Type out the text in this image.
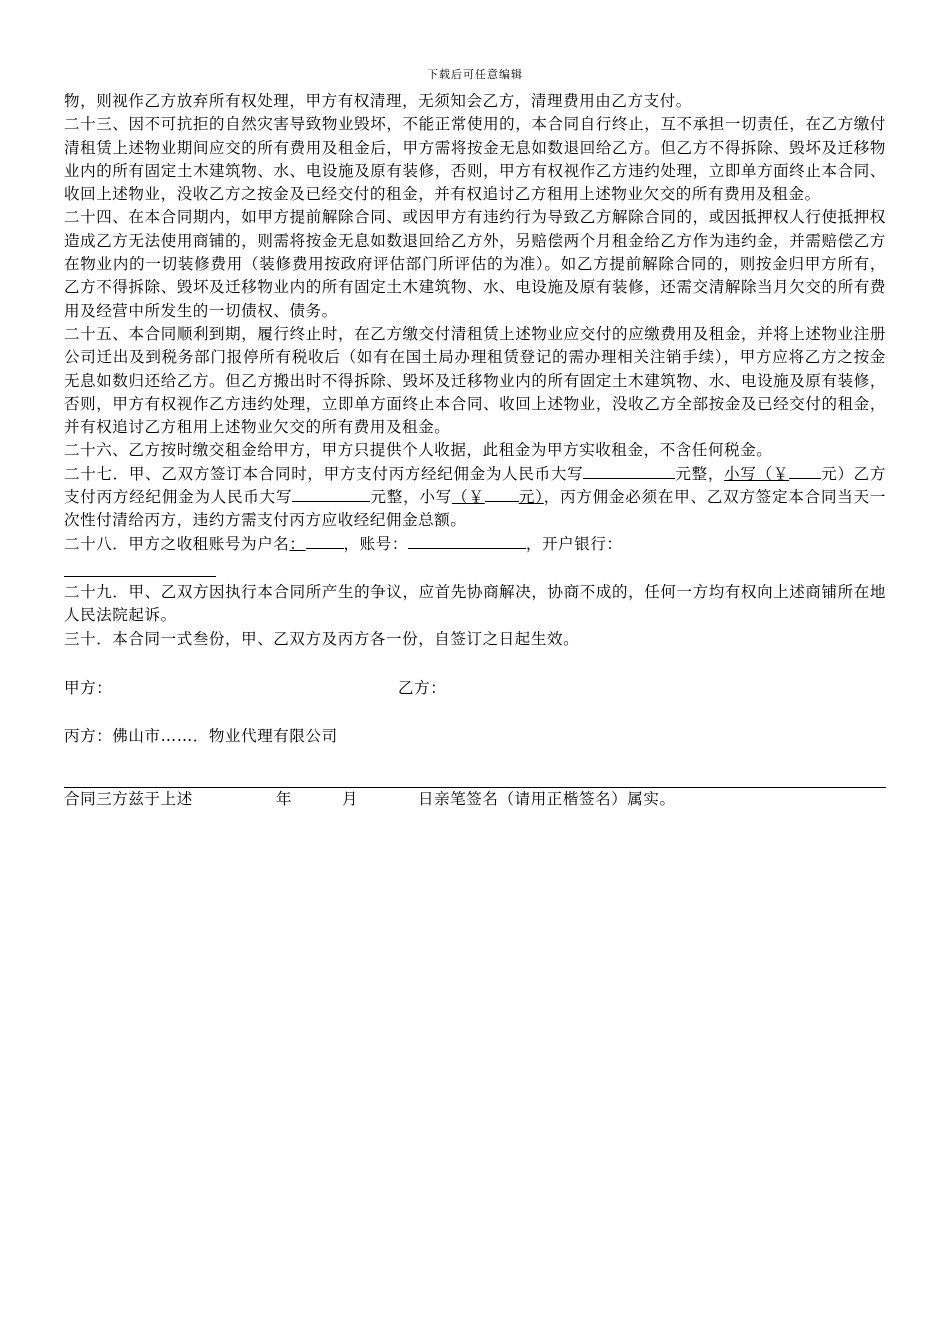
下载后可任意编辑

物，则视作乙方放弃所有权处理，甲方有权清理，无须知会乙方，清理费用由乙方支付。

二十三、因不可抗拒的自然灾害导致物业毁坏，不能正常使用的，本合同自行终止，互不承担一切责任，在乙方缴付清租赁上述物业期间应交的所有费用及租金后，甲方需将按金无息如数退回给乙方。但乙方不得拆除、毁坏及迁移物业内的所有固定土木建筑物、水、电设施及原有装修，否则，甲方有权视作乙方违约处理，立即单方面终止本合同、收回上述物业，没收乙方之按金及已经交付的租金，并有权追讨乙方租用上述物业欠交的所有费用及租金。

二十四、在本合同期内，如甲方提前解除合同、或因甲方有违约行为导致乙方解除合同的，或因抵押权人行使抵押权造成乙方无法使用商铺的，则需将按金无息如数退回给乙方外，另赔偿两个月租金给乙方作为违约金，并需赔偿乙方在物业内的一切装修费用（装修费用按政府评估部门所评估的为准）。如乙方提前解除合同的，则按金归甲方所有，乙方不得拆除、毁坏及迁移物业内的所有固定土木建筑物、水、电设施及原有装修，还需交清解除当月欠交的所有费用及经营中所发生的一切债权、债务。

二十五、本合同顺利到期，履行终止时，在乙方缴交付清租赁上述物业应交付的应缴费用及租金，并将上述物业注册公司迁出及到税务部门报停所有税收后（如有在国土局办理租赁登记的需办理相关注销手续），甲方应将乙方之按金无息如数归还给乙方。但乙方搬出时不得拆除、毁坏及迁移物业内的所有固定土木建筑物、水、电设施及原有装修，否则，甲方有权视作乙方违约处理，立即单方面终止本合同、收回上述物业，没收乙方全部按金及已经交付的租金，并有权追讨乙方租用上述物业欠交的所有费用及租金。

二十六、乙方按时缴交租金给甲方，甲方只提供个人收据，此租金为甲方实收租金，不含任何税金。

二十七．甲、乙双方签订本合同时，甲方支付丙方经纪佣金为人民币大写	元整，小写（￥ 元）乙方支付丙方经纪佣金为人民币大写	元整，小写（￥ 元），丙方佣金必须在甲、乙双方签定本合同当天一次性付清给丙方，违约方需支付丙方应收经纪佣金总额。

二十八．甲方之收租账号为户名： ，账号：	，开户银行：

二十九．甲、乙双方因执行本合同所产生的争议，应首先协商解决，协商不成的，任何一方均有权向上述商铺所在地人民法院起诉。

三十．本合同一式叁份，甲、乙双方及丙方各一份，自签订之日起生效。

甲方：	乙方：
丙方：佛山市……．物业代理有限公司
合同三方兹于上述	年	月	日亲笔签名（请用正楷签名）属实。
